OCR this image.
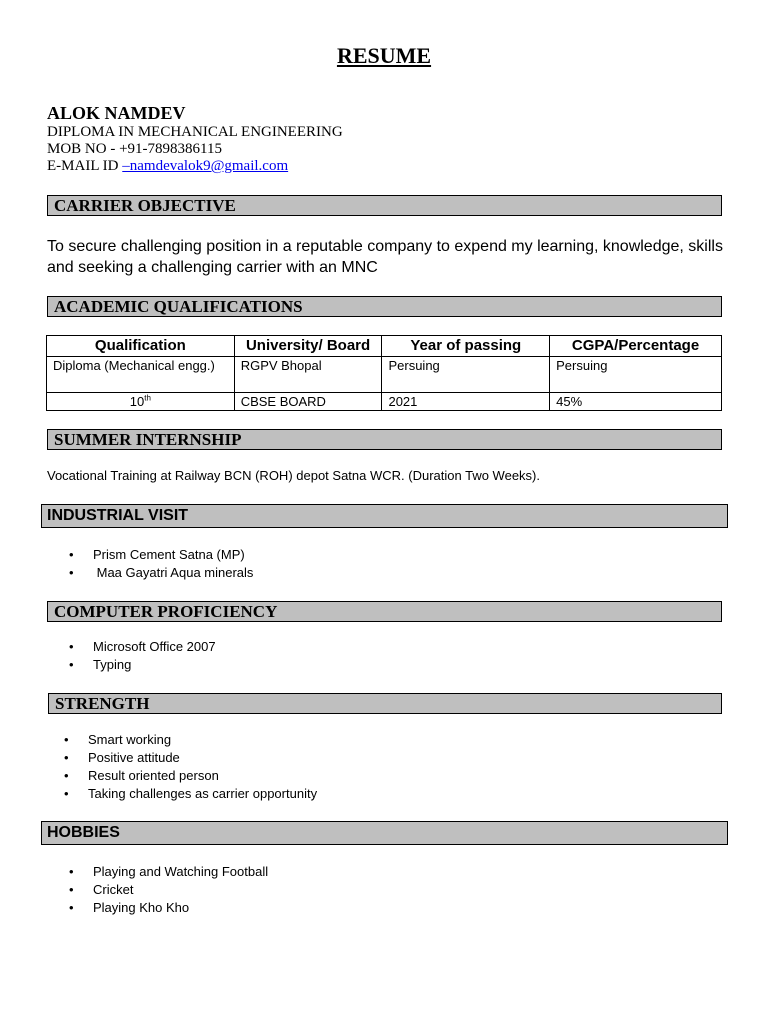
RESUME
ALOK NAMDEV
DIPLOMA IN MECHANICAL ENGINEERING
MOB NO - +91-7898386115
E-MAIL ID –namdevalok9@gmail.com
CARRIER OBJECTIVE
To secure challenging position in a reputable company to expend my learning, knowledge, skills and seeking a challenging carrier with an MNC
ACADEMIC QUALIFICATIONS
Qualification	University/ Board	Year of passing	CGPA/Percentage
Diploma (Mechanical engg.)	RGPV Bhopal	Persuing	Persuing
10th	CBSE BOARD	2021	45%
SUMMER INTERNSHIP
Vocational Training at Railway BCN (ROH) depot Satna WCR. (Duration Two Weeks).
INDUSTRIAL VISIT
• Prism Cement Satna (MP)
• Maa Gayatri Aqua minerals
COMPUTER PROFICIENCY
• Microsoft Office 2007
• Typing
STRENGTH
• Smart working
• Positive attitude
• Result oriented person
• Taking challenges as carrier opportunity
HOBBIES
• Playing and Watching Football
• Cricket
• Playing Kho Kho
